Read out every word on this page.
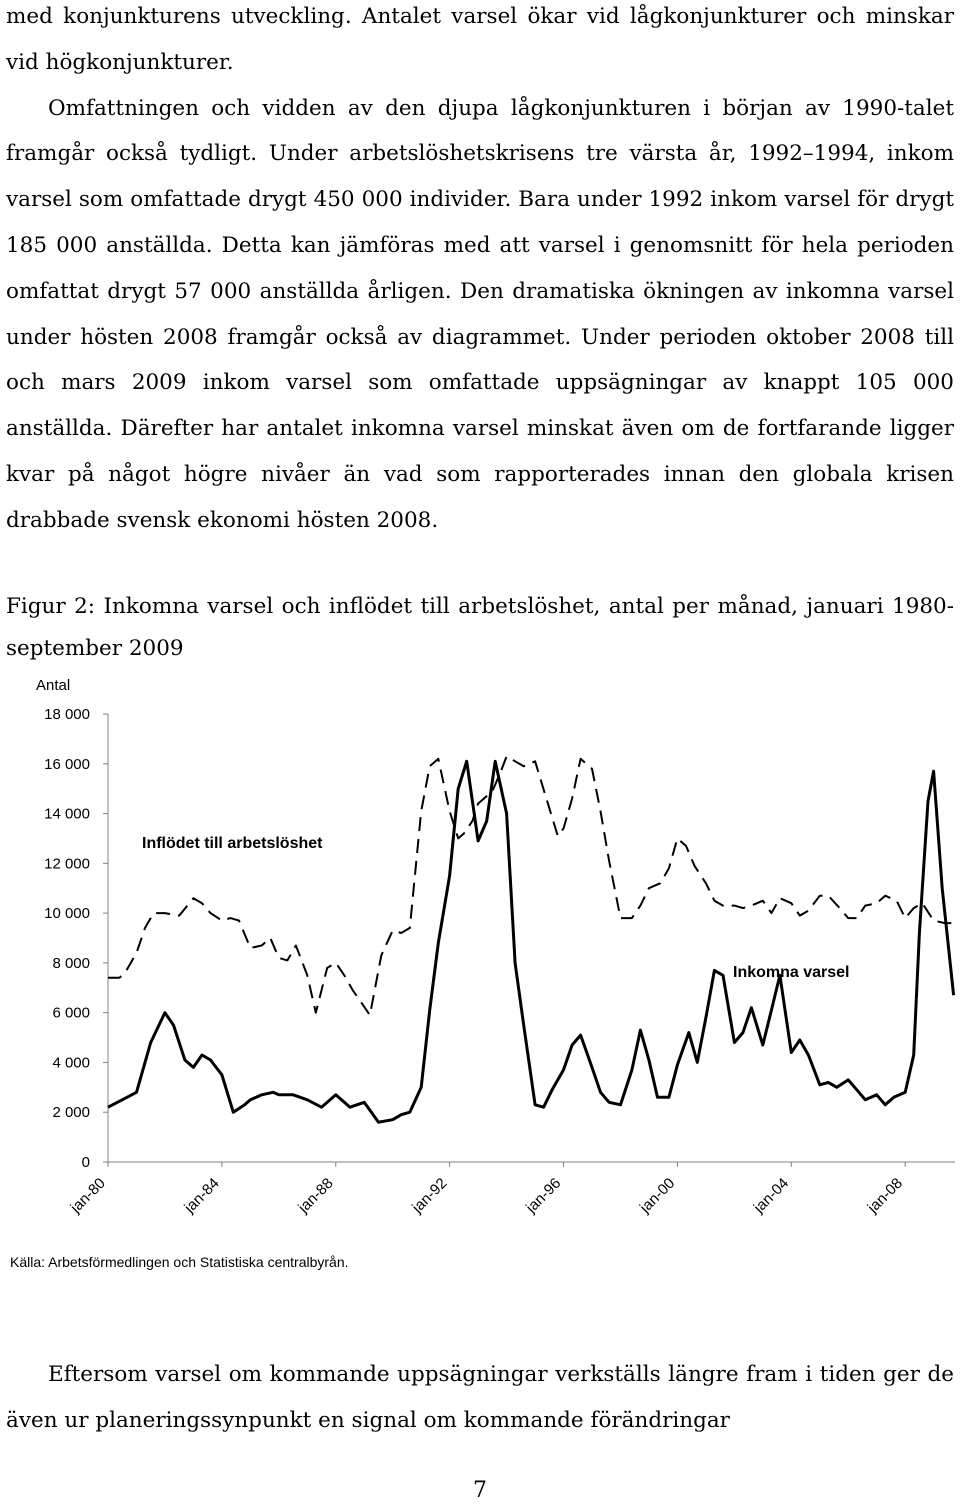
med konjunkturens utveckling. Antalet varsel ökar vid lågkonjunkturer och minskar vid högkonjunkturer.
Omfattningen och vidden av den djupa lågkonjunkturen i början av 1990-talet framgår också tydligt. Under arbetslöshetskrisens tre värsta år, 1992–1994, inkom varsel som omfattade drygt 450 000 individer. Bara under 1992 inkom varsel för drygt 185 000 anställda. Detta kan jämföras med att varsel i genomsnitt för hela perioden omfattat drygt 57 000 anställda årligen. Den dramatiska ökningen av inkomna varsel under hösten 2008 framgår också av diagrammet. Under perioden oktober 2008 till och mars 2009 inkom varsel som omfattade uppsägningar av knappt 105 000 anställda. Därefter har antalet inkomna varsel minskat även om de fortfarande ligger kvar på något högre nivåer än vad som rapporterades innan den globala krisen drabbade svensk ekonomi hösten 2008.
Figur 2: Inkomna varsel och inflödet till arbetslöshet, antal per månad, januari 1980-september 2009
0
2 000
4 000
6 000
8 000
10 000
12 000
14 000
16 000
18 000
jan-80	jan-84	jan-88	jan-92	jan-96	jan-00	jan-04	jan-08
Inflödet till arbetslöshet
Inkomna varsel
Antal
Källa: Arbetsförmedlingen och Statistiska centralbyrån.
Eftersom varsel om kommande uppsägningar verkställs längre fram i tiden ger de även ur planeringssynpunkt en signal om kommande förändringar
7
